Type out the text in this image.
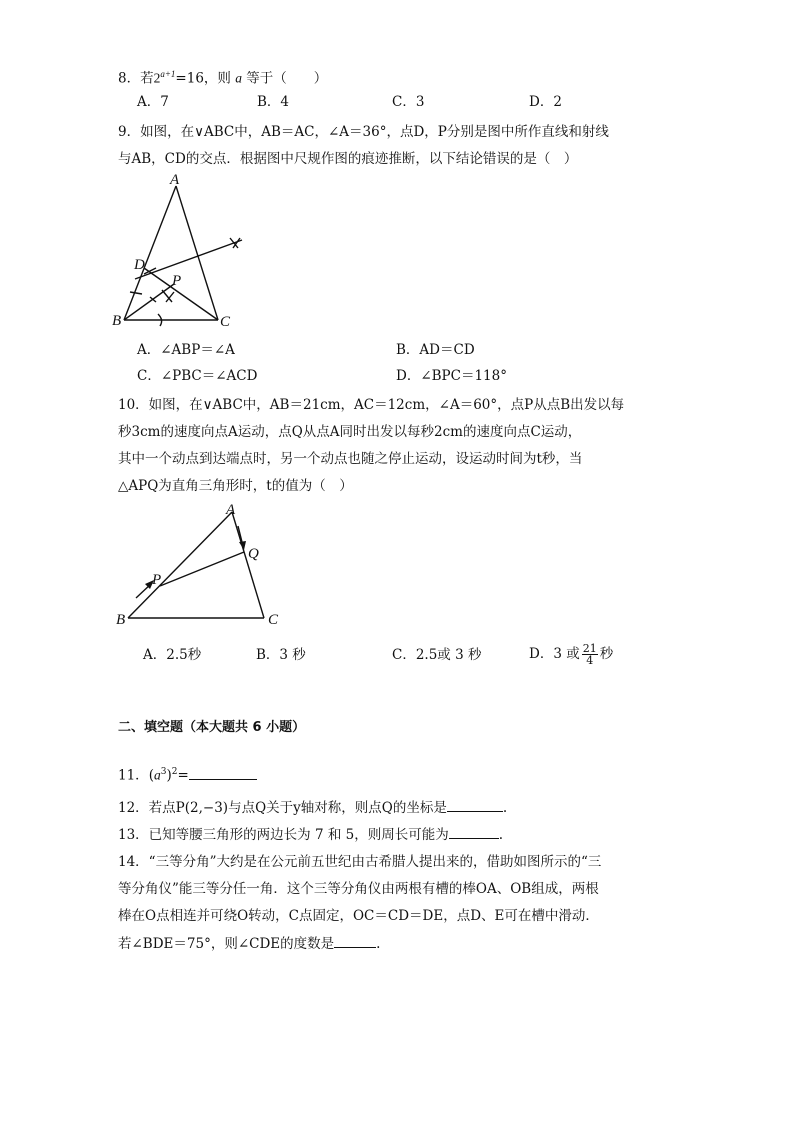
8．若$2^{a+1}=16$，则 a 等于（　　）
A．7	B．4	C．3	D．2
9．如图，在∨ABC中，AB＝AC，∠A＝36°，点D，P分别是图中所作直线和射线
与AB，CD的交点．根据图中尺规作图的痕迹推断，以下结论错误的是（　）
A
B	C
D
P
A．∠ABP＝∠A	B．AD＝CD
C．∠PBC＝∠ACD	D．∠BPC＝118°
10．如图，在∨ABC中，AB＝21cm，AC＝12cm，∠A＝60°，点P从点B出发以每
秒3cm的速度向点A运动，点Q从点A同时出发以每秒2cm的速度向点C运动，
其中一个动点到达端点时，另一个动点也随之停止运动，设运动时间为t秒，当
△APQ为直角三角形时，t的值为（　）
A
B	C
P
Q
A．2.5秒	B．3 秒	C．2.5或 3 秒	D．3 或 $\frac{21}{4}$ 秒
二、填空题（本大题共 6 小题）
11．$(a^3)^2=$
12．若点P(2,−3)与点Q关于y轴对称，则点Q的坐标是	.
13．已知等腰三角形的两边长为 7 和 5，则周长可能为	.
14．“三等分角”大约是在公元前五世纪由古希腊人提出来的，借助如图所示的“三
等分角仪”能三等分任一角．这个三等分角仪由两根有槽的棒OA、OB组成，两根
棒在O点相连并可绕O转动，C点固定，OC＝CD＝DE，点D、E可在槽中滑动．
若∠BDE＝75°，则∠CDE的度数是	.
